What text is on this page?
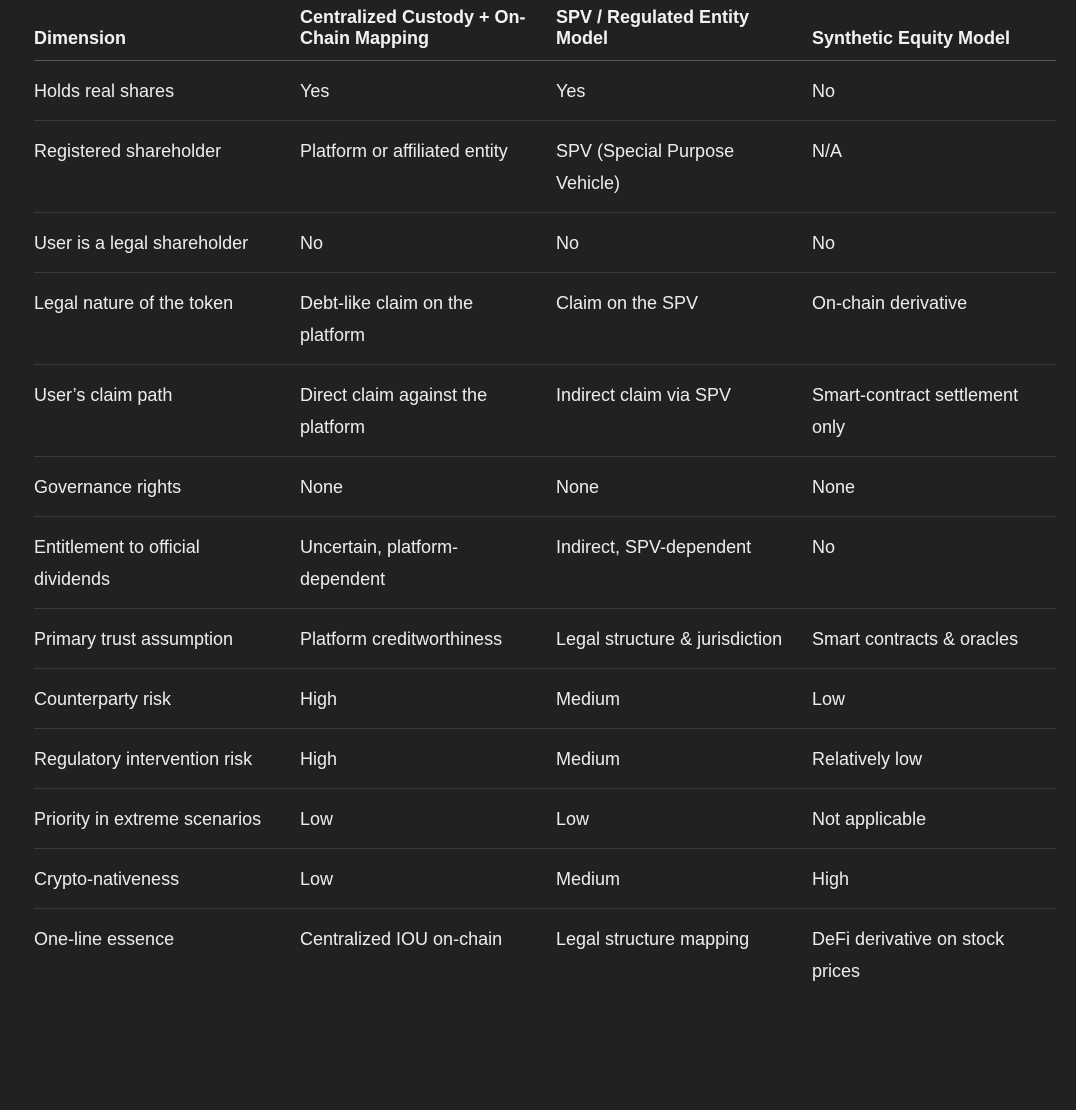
Dimension	Centralized Custody + On-Chain Mapping	SPV / Regulated Entity Model	Synthetic Equity Model

Holds real shares	Yes	Yes	No
Registered shareholder	Platform or affiliated entity	SPV (Special Purpose Vehicle)	N/A
User is a legal shareholder	No	No	No
Legal nature of the token	Debt-like claim on the platform	Claim on the SPV	On-chain derivative
User’s claim path	Direct claim against the platform	Indirect claim via SPV	Smart-contract settlement only
Governance rights	None	None	None
Entitlement to official dividends	Uncertain, platform-dependent	Indirect, SPV-dependent	No
Primary trust assumption	Platform creditworthiness	Legal structure & jurisdiction	Smart contracts & oracles
Counterparty risk	High	Medium	Low
Regulatory intervention risk	High	Medium	Relatively low
Priority in extreme scenarios	Low	Low	Not applicable
Crypto-nativeness	Low	Medium	High
One-line essence	Centralized IOU on-chain	Legal structure mapping	DeFi derivative on stock prices
